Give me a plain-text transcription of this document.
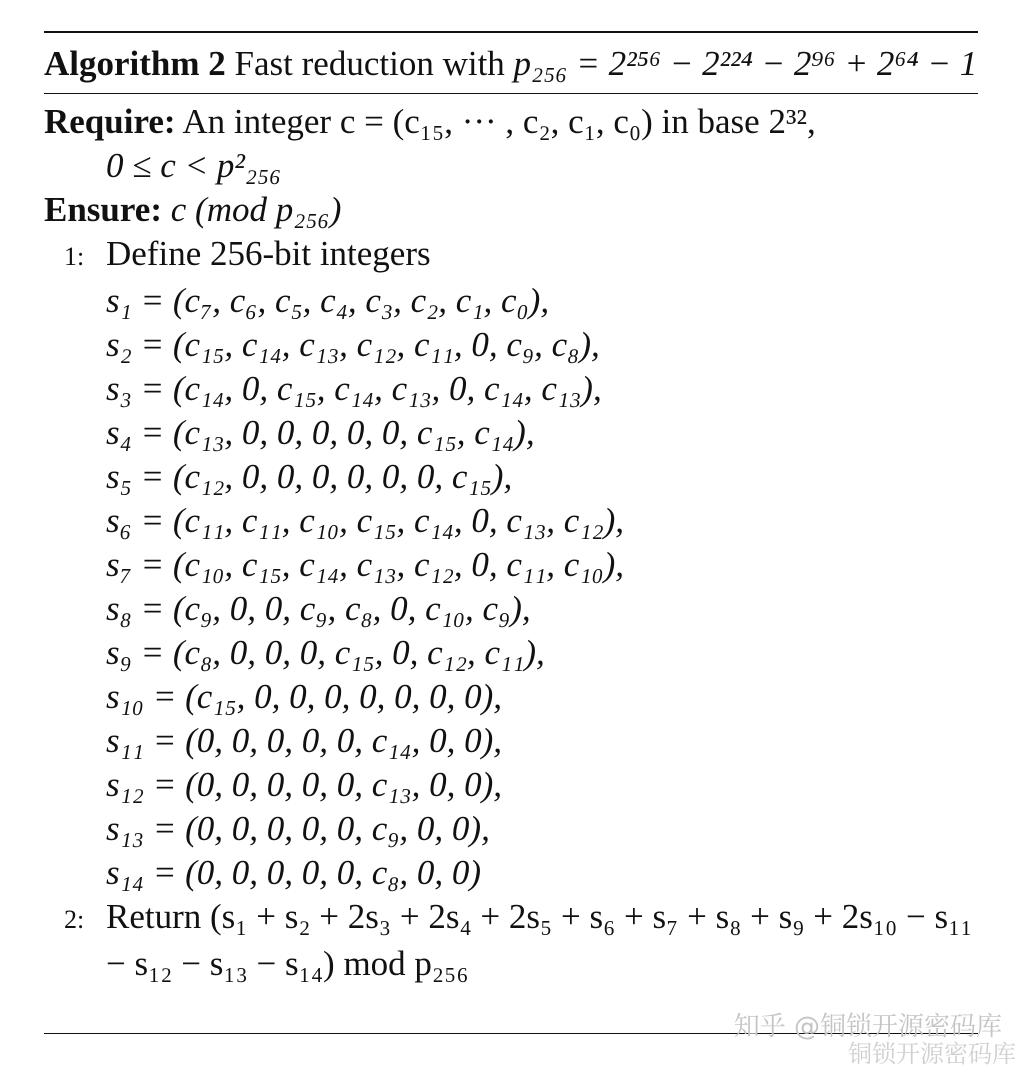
Algorithm 2 Fast reduction with p₂₅₆ = 2²⁵⁶ − 2²²⁴ − 2⁹⁶ + 2⁶⁴ − 1
Require: An integer c = (c₁₅, ··· , c₂, c₁, c₀) in base 2³²,
0 ≤ c < p²₂₅₆
Ensure: c (mod p₂₅₆)
1: Define 256-bit integers
s₁ = (c₇, c₆, c₅, c₄, c₃, c₂, c₁, c₀),
s₂ = (c₁₅, c₁₄, c₁₃, c₁₂, c₁₁, 0, c₉, c₈),
s₃ = (c₁₄, 0, c₁₅, c₁₄, c₁₃, 0, c₁₄, c₁₃),
s₄ = (c₁₃, 0, 0, 0, 0, 0, c₁₅, c₁₄),
s₅ = (c₁₂, 0, 0, 0, 0, 0, 0, c₁₅),
s₆ = (c₁₁, c₁₁, c₁₀, c₁₅, c₁₄, 0, c₁₃, c₁₂),
s₇ = (c₁₀, c₁₅, c₁₄, c₁₃, c₁₂, 0, c₁₁, c₁₀),
s₈ = (c₉, 0, 0, c₉, c₈, 0, c₁₀, c₉),
s₉ = (c₈, 0, 0, 0, c₁₅, 0, c₁₂, c₁₁),
s₁₀ = (c₁₅, 0, 0, 0, 0, 0, 0, 0),
s₁₁ = (0, 0, 0, 0, 0, c₁₄, 0, 0),
s₁₂ = (0, 0, 0, 0, 0, c₁₃, 0, 0),
s₁₃ = (0, 0, 0, 0, 0, c₉, 0, 0),
s₁₄ = (0, 0, 0, 0, 0, c₈, 0, 0)
2: Return (s₁ + s₂ + 2s₃ + 2s₄ + 2s₅ + s₆ + s₇ + s₈ + s₉ + 2s₁₀ − s₁₁ − s₁₂ − s₁₃ − s₁₄) mod p₂₅₆
知乎 @铜锁开源密码库
铜锁开源密码库
